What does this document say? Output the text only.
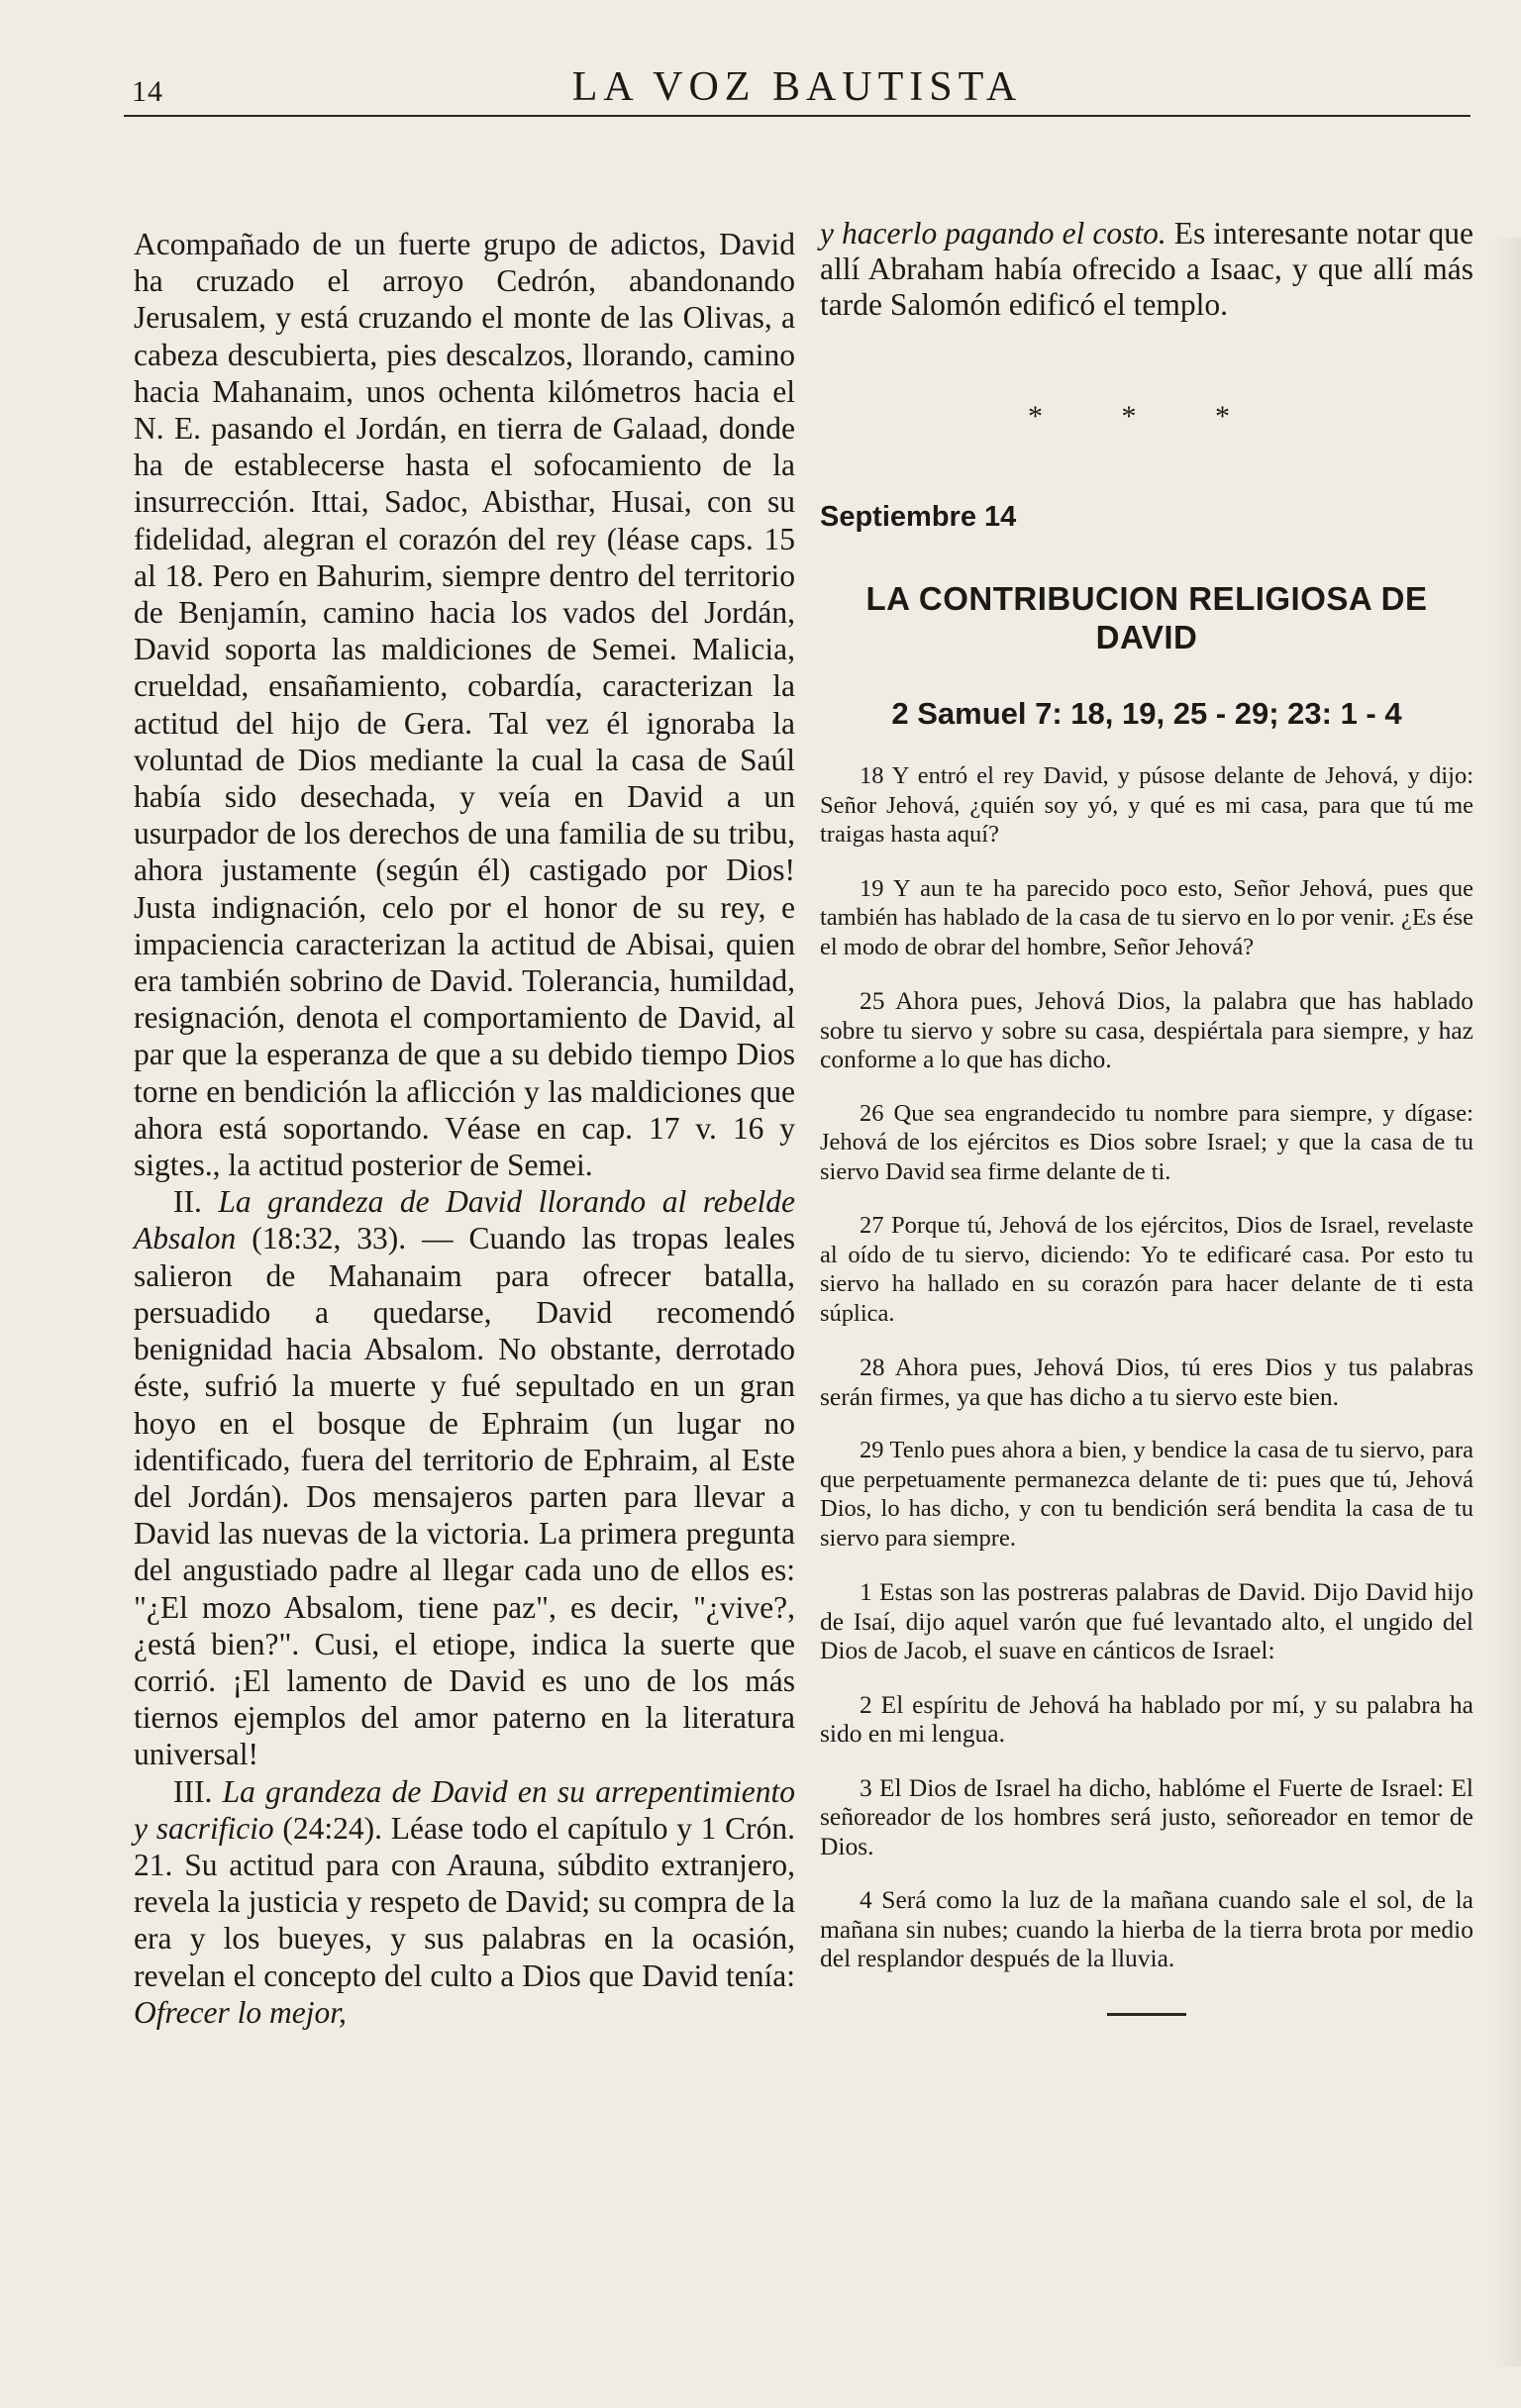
14	LA VOZ BAUTISTA

Acompañado de un fuerte grupo de adictos, David ha cruzado el arroyo Cedrón, abandonando Jerusalem, y está cruzando el monte de las Olivas, a cabeza descubierta, pies descalzos, llorando, camino hacia Mahanaim, unos ochenta kilómetros hacia el N. E. pasando el Jordán, en tierra de Galaad, donde ha de establecerse hasta el sofocamiento de la insurrección. Ittai, Sadoc, Abisthar, Husai, con su fidelidad, alegran el corazón del rey (léase caps. 15 al 18. Pero en Bahurim, siempre dentro del territorio de Benjamín, camino hacia los vados del Jordán, David soporta las maldiciones de Semei. Malicia, crueldad, ensañamiento, cobardía, caracterizan la actitud del hijo de Gera. Tal vez él ignoraba la voluntad de Dios mediante la cual la casa de Saúl había sido desechada, y veía en David a un usurpador de los derechos de una familia de su tribu, ahora justamente (según él) castigado por Dios! Justa indignación, celo por el honor de su rey, e impaciencia caracterizan la actitud de Abisai, quien era también sobrino de David. Tolerancia, humildad, resignación, denota el comportamiento de David, al par que la esperanza de que a su debido tiempo Dios torne en bendición la aflicción y las maldiciones que ahora está soportando. Véase en cap. 17 v. 16 y sigtes., la actitud posterior de Semei.

II. La grandeza de David llorando al rebelde Absalon (18:32, 33). — Cuando las tropas leales salieron de Mahanaim para ofrecer batalla, persuadido a quedarse, David recomendó benignidad hacia Absalom. No obstante, derrotado éste, sufrió la muerte y fué sepultado en un gran hoyo en el bosque de Ephraim (un lugar no identificado, fuera del territorio de Ephraim, al Este del Jordán). Dos mensajeros parten para llevar a David las nuevas de la victoria. La primera pregunta del angustiado padre al llegar cada uno de ellos es: "¿El mozo Absalom, tiene paz", es decir, "¿vive?, ¿está bien?". Cusi, el etiope, indica la suerte que corrió. ¡El lamento de David es uno de los más tiernos ejemplos del amor paterno en la literatura universal!

III. La grandeza de David en su arrepentimiento y sacrificio (24:24). Léase todo el capítulo y 1 Crón. 21. Su actitud para con Arauna, súbdito extranjero, revela la justicia y respeto de David; su compra de la era y los bueyes, y sus palabras en la ocasión, revelan el concepto del culto a Dios que David tenía: Ofrecer lo mejor,

y hacerlo pagando el costo. Es interesante notar que allí Abraham había ofrecido a Isaac, y que allí más tarde Salomón edificó el templo.

* * *
Septiembre 14
LA CONTRIBUCION RELIGIOSA DE DAVID
2 Samuel 7: 18, 19, 25 - 29; 23: 1 - 4

18 Y entró el rey David, y púsose delante de Jehová, y dijo: Señor Jehová, ¿quién soy yó, y qué es mi casa, para que tú me traigas hasta aquí?

19 Y aun te ha parecido poco esto, Señor Jehová, pues que también has hablado de la casa de tu siervo en lo por venir. ¿Es ése el modo de obrar del hombre, Señor Jehová?

25 Ahora pues, Jehová Dios, la palabra que has hablado sobre tu siervo y sobre su casa, despiértala para siempre, y haz conforme a lo que has dicho.

26 Que sea engrandecido tu nombre para siempre, y dígase: Jehová de los ejércitos es Dios sobre Israel; y que la casa de tu siervo David sea firme delante de ti.

27 Porque tú, Jehová de los ejércitos, Dios de Israel, revelaste al oído de tu siervo, diciendo: Yo te edificaré casa. Por esto tu siervo ha hallado en su corazón para hacer delante de ti esta súplica.

28 Ahora pues, Jehová Dios, tú eres Dios y tus palabras serán firmes, ya que has dicho a tu siervo este bien.

29 Tenlo pues ahora a bien, y bendice la casa de tu siervo, para que perpetuamente permanezca delante de ti: pues que tú, Jehová Dios, lo has dicho, y con tu bendición será bendita la casa de tu siervo para siempre.

1 Estas son las postreras palabras de David. Dijo David hijo de Isaí, dijo aquel varón que fué levantado alto, el ungido del Dios de Jacob, el suave en cánticos de Israel:

2 El espíritu de Jehová ha hablado por mí, y su palabra ha sido en mi lengua.

3 El Dios de Israel ha dicho, hablóme el Fuerte de Israel: El señoreador de los hombres será justo, señoreador en temor de Dios.

4 Será como la luz de la mañana cuando sale el sol, de la mañana sin nubes; cuando la hierba de la tierra brota por medio del resplandor después de la lluvia.
